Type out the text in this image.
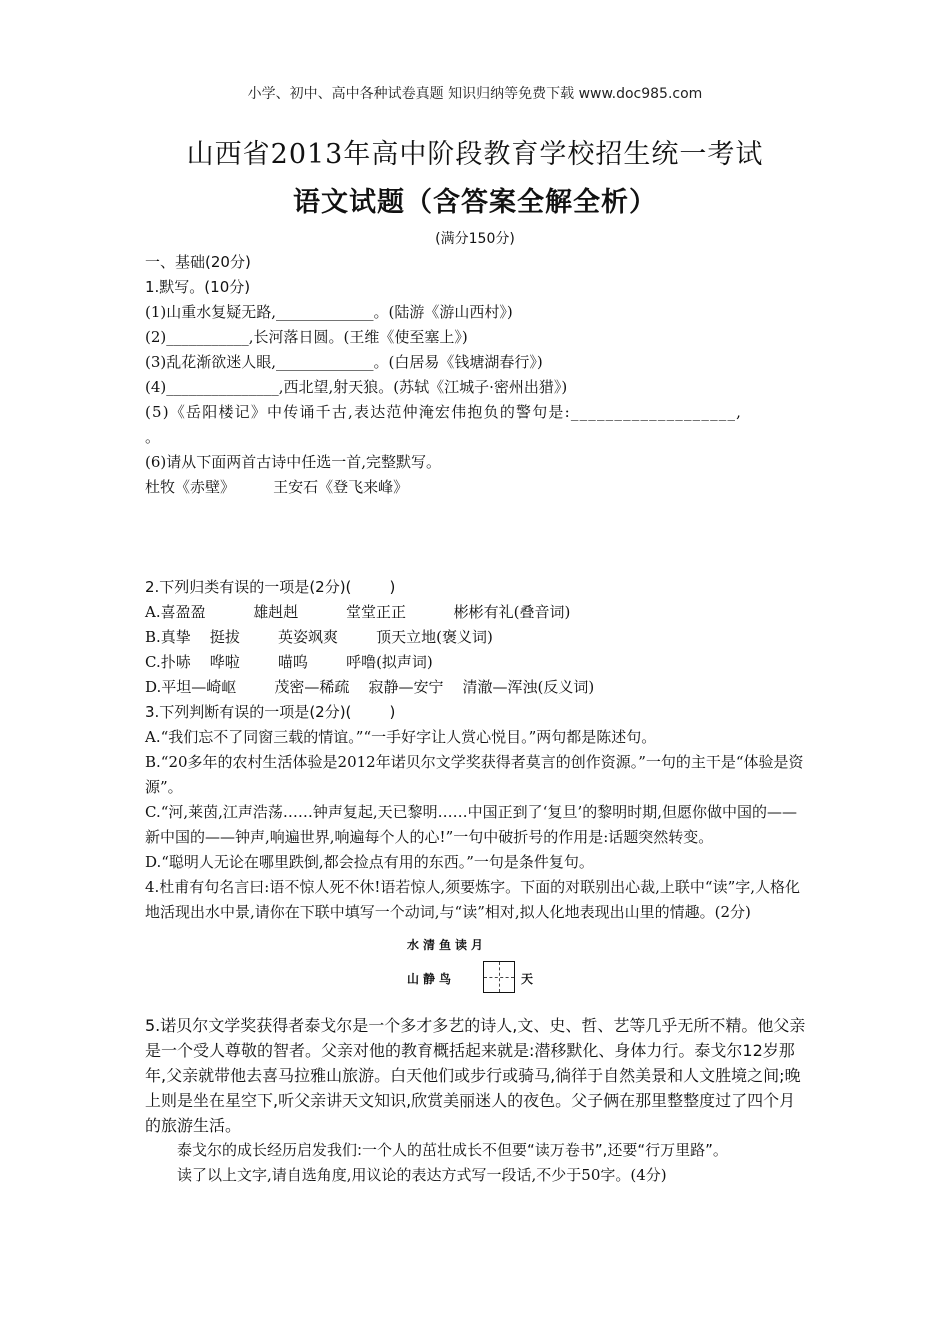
小学、初中、高中各种试卷真题 知识归纳等免费下载 www.doc985.com
山西省2013年高中阶段教育学校招生统一考试
语文试题（含答案全解全析）
(满分150分)
一、基础(20分)
1.默写。(10分)
(1)山重水复疑无路,_____________。(陆游《游山西村》)
(2)___________,长河落日圆。(王维《使至塞上》)
(3)乱花渐欲迷人眼,_____________。(白居易《钱塘湖春行》)
(4)_______________,西北望,射天狼。(苏轼《江城子·密州出猎》)
(5)《岳阳楼记》中传诵千古,表达范仲淹宏伟抱负的警句是:___________________,
。
(6)请从下面两首古诗中任选一首,完整默写。
杜牧《赤壁》        王安石《登飞来峰》
2.下列归类有误的一项是(2分)(        )
A.喜盈盈          雄赳赳          堂堂正正          彬彬有礼(叠音词)
B.真挚    挺拔        英姿飒爽        顶天立地(褒义词)
C.扑哧    哗啦        喵呜        呼噜(拟声词)
D.平坦—崎岖        茂密—稀疏    寂静—安宁    清澈—浑浊(反义词)
3.下列判断有误的一项是(2分)(        )
A.“我们忘不了同窗三载的情谊。”“一手好字让人赏心悦目。”两句都是陈述句。
B.“20多年的农村生活体验是2012年诺贝尔文学奖获得者莫言的创作资源。”一句的主干是“体验是资源”。
C.“河,莱茵,江声浩荡……钟声复起,天已黎明……中国正到了‘复旦’的黎明时期,但愿你做中国的——新中国的——钟声,响遍世界,响遍每个人的心!”一句中破折号的作用是:话题突然转变。
D.“聪明人无论在哪里跌倒,都会捡点有用的东西。”一句是条件复句。
4.杜甫有句名言曰:语不惊人死不休!语若惊人,须要炼字。下面的对联别出心裁,上联中“读”字,人格化地活现出水中景,请你在下联中填写一个动词,与“读”相对,拟人化地表现出山里的情趣。(2分)
水清鱼读月
山静鸟	天
5.诺贝尔文学奖获得者泰戈尔是一个多才多艺的诗人,文、史、哲、艺等几乎无所不精。他父亲是一个受人尊敬的智者。父亲对他的教育概括起来就是:潜移默化、身体力行。泰戈尔12岁那年,父亲就带他去喜马拉雅山旅游。白天他们或步行或骑马,徜徉于自然美景和人文胜境之间;晚上则是坐在星空下,听父亲讲天文知识,欣赏美丽迷人的夜色。父子俩在那里整整度过了四个月的旅游生活。
泰戈尔的成长经历启发我们:一个人的茁壮成长不但要“读万卷书”,还要“行万里路”。
读了以上文字,请自选角度,用议论的表达方式写一段话,不少于50字。(4分)
